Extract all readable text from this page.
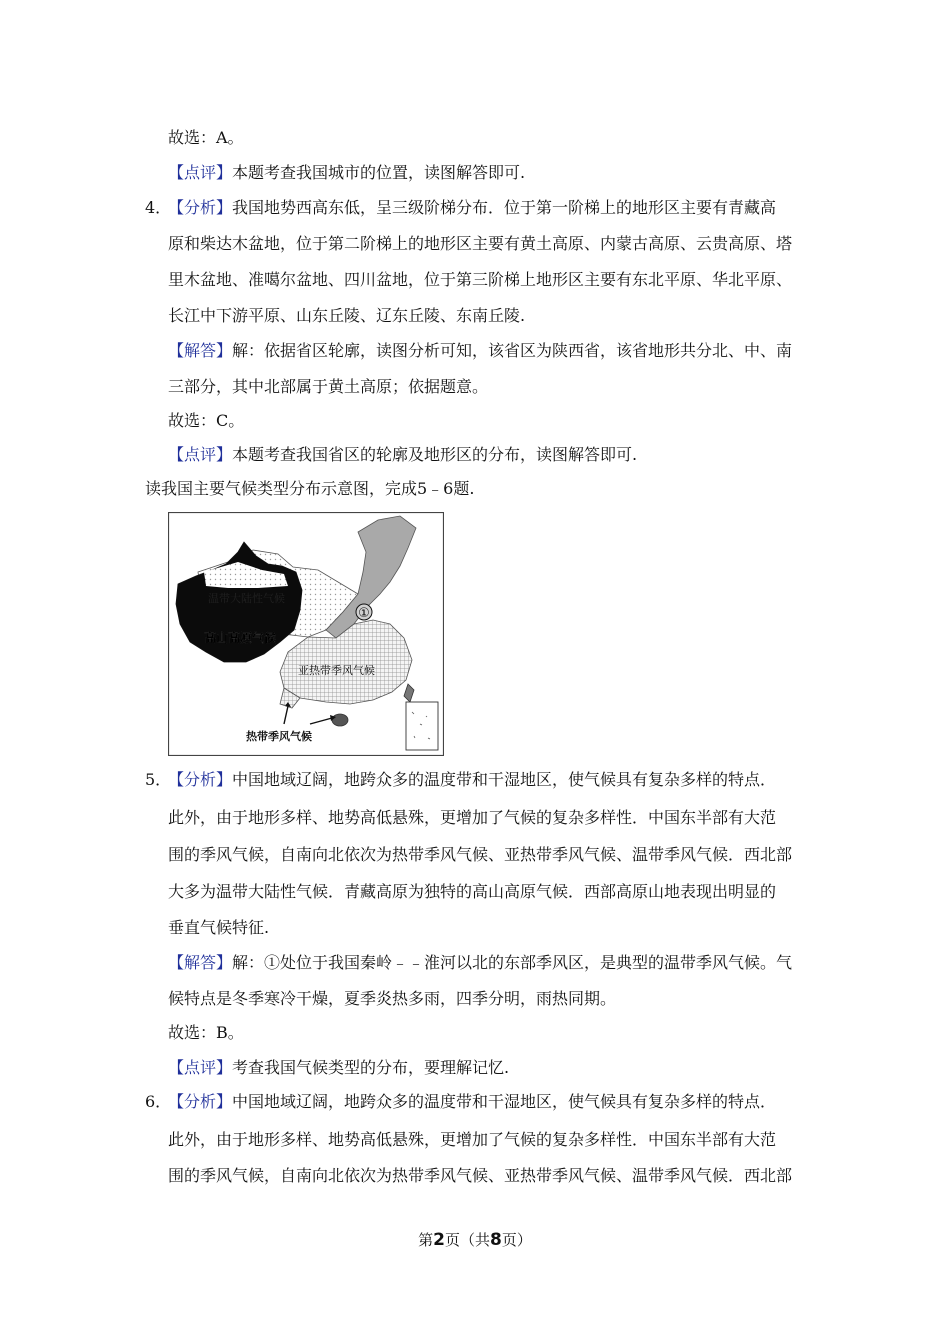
故选：A。
【点评】本题考查我国城市的位置，读图解答即可.
4．
【分析】我国地势西高东低，呈三级阶梯分布．位于第一阶梯上的地形区主要有青藏高
原和柴达木盆地，位于第二阶梯上的地形区主要有黄土高原、内蒙古高原、云贵高原、塔
里木盆地、准噶尔盆地、四川盆地，位于第三阶梯上地形区主要有东北平原、华北平原、
长江中下游平原、山东丘陵、辽东丘陵、东南丘陵.
【解答】解：依据省区轮廓，读图分析可知，该省区为陕西省，该省地形共分北、中、南
三部分，其中北部属于黄土高原；依据题意。
故选：C。
【点评】本题考查我国省区的轮廓及地形区的分布，读图解答即可.
读我国主要气候类型分布示意图，完成5﹣6题.
①
温带大陆性气候
高山高原气候
亚热带季风气候
热带季风气候
5．
【分析】中国地域辽阔，地跨众多的温度带和干湿地区，使气候具有复杂多样的特点．
此外，由于地形多样、地势高低悬殊，更增加了气候的复杂多样性．中国东半部有大范
围的季风气候，自南向北依次为热带季风气候、亚热带季风气候、温带季风气候．西北部
大多为温带大陆性气候．青藏高原为独特的高山高原气候．西部高原山地表现出明显的
垂直气候特征.
【解答】解：①处位于我国秦岭﹣﹣淮河以北的东部季风区，是典型的温带季风气候。气
候特点是冬季寒冷干燥，夏季炎热多雨，四季分明，雨热同期。
故选：B。
【点评】考查我国气候类型的分布，要理解记忆.
6．
【分析】中国地域辽阔，地跨众多的温度带和干湿地区，使气候具有复杂多样的特点．
此外，由于地形多样、地势高低悬殊，更增加了气候的复杂多样性．中国东半部有大范
围的季风气候，自南向北依次为热带季风气候、亚热带季风气候、温带季风气候．西北部
第2页（共8页）
